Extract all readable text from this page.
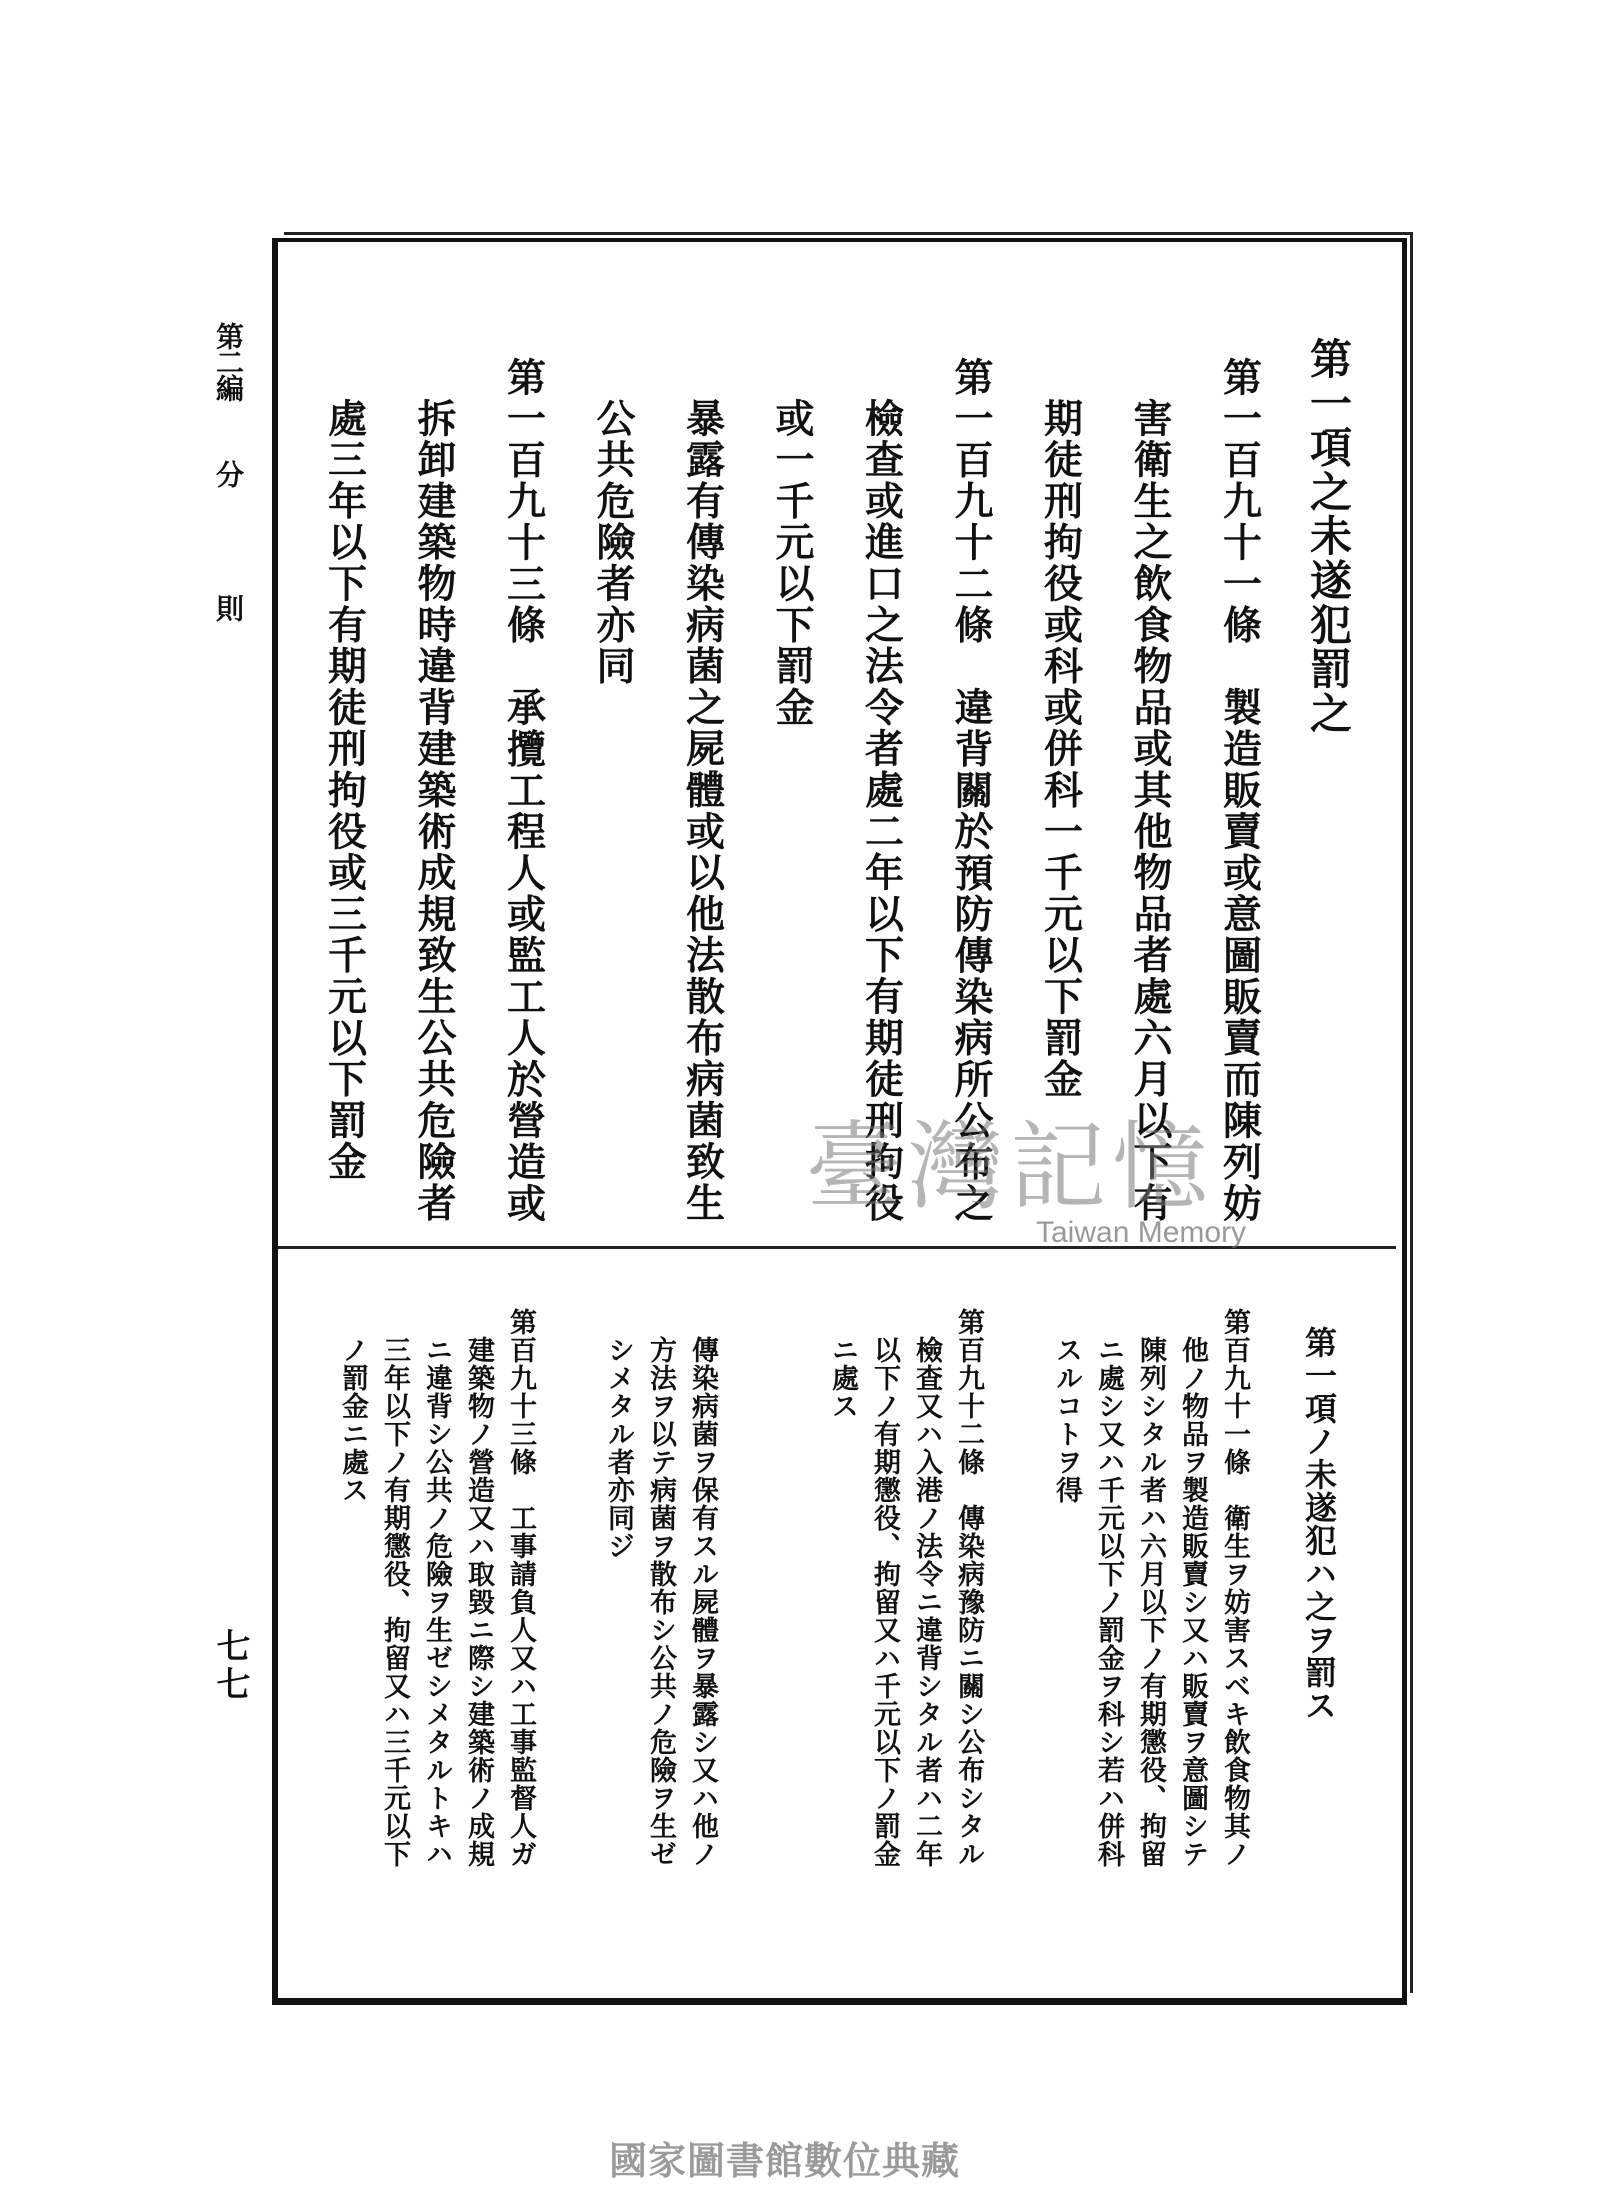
第二編
分
則
七七
第一項之未遂犯罰之
第一百九十一條　製造販賣或意圖販賣而陳列妨
害衛生之飲食物品或其他物品者處六月以下有
期徒刑拘役或科或併科一千元以下罰金
第一百九十二條　違背關於預防傳染病所公布之
檢查或進口之法令者處二年以下有期徒刑拘役
或一千元以下罰金
暴露有傳染病菌之屍體或以他法散布病菌致生
公共危險者亦同
第一百九十三條　承攬工程人或監工人於營造或
拆卸建築物時違背建築術成規致生公共危險者
處三年以下有期徒刑拘役或三千元以下罰金
第一項ノ未遂犯ハ之ヲ罰ス
第百九十一條　衛生ヲ妨害スベキ飲食物其ノ
他ノ物品ヲ製造販賣シ又ハ販賣ヲ意圖シテ
陳列シタル者ハ六月以下ノ有期懲役、拘留
ニ處シ又ハ千元以下ノ罰金ヲ科シ若ハ併科
スルコトヲ得
第百九十二條　傳染病豫防ニ關シ公布シタル
檢査又ハ入港ノ法令ニ違背シタル者ハ二年
以下ノ有期懲役、拘留又ハ千元以下ノ罰金
ニ處ス
傳染病菌ヲ保有スル屍體ヲ暴露シ又ハ他ノ
方法ヲ以テ病菌ヲ散布シ公共ノ危險ヲ生ゼ
シメタル者亦同ジ
第百九十三條　工事請負人又ハ工事監督人ガ
建築物ノ營造又ハ取毀ニ際シ建築術ノ成規
ニ違背シ公共ノ危險ヲ生ゼシメタルトキハ
三年以下ノ有期懲役、拘留又ハ三千元以下
ノ罰金ニ處ス
臺灣記憶
Taiwan Memory
國家圖書館數位典藏
